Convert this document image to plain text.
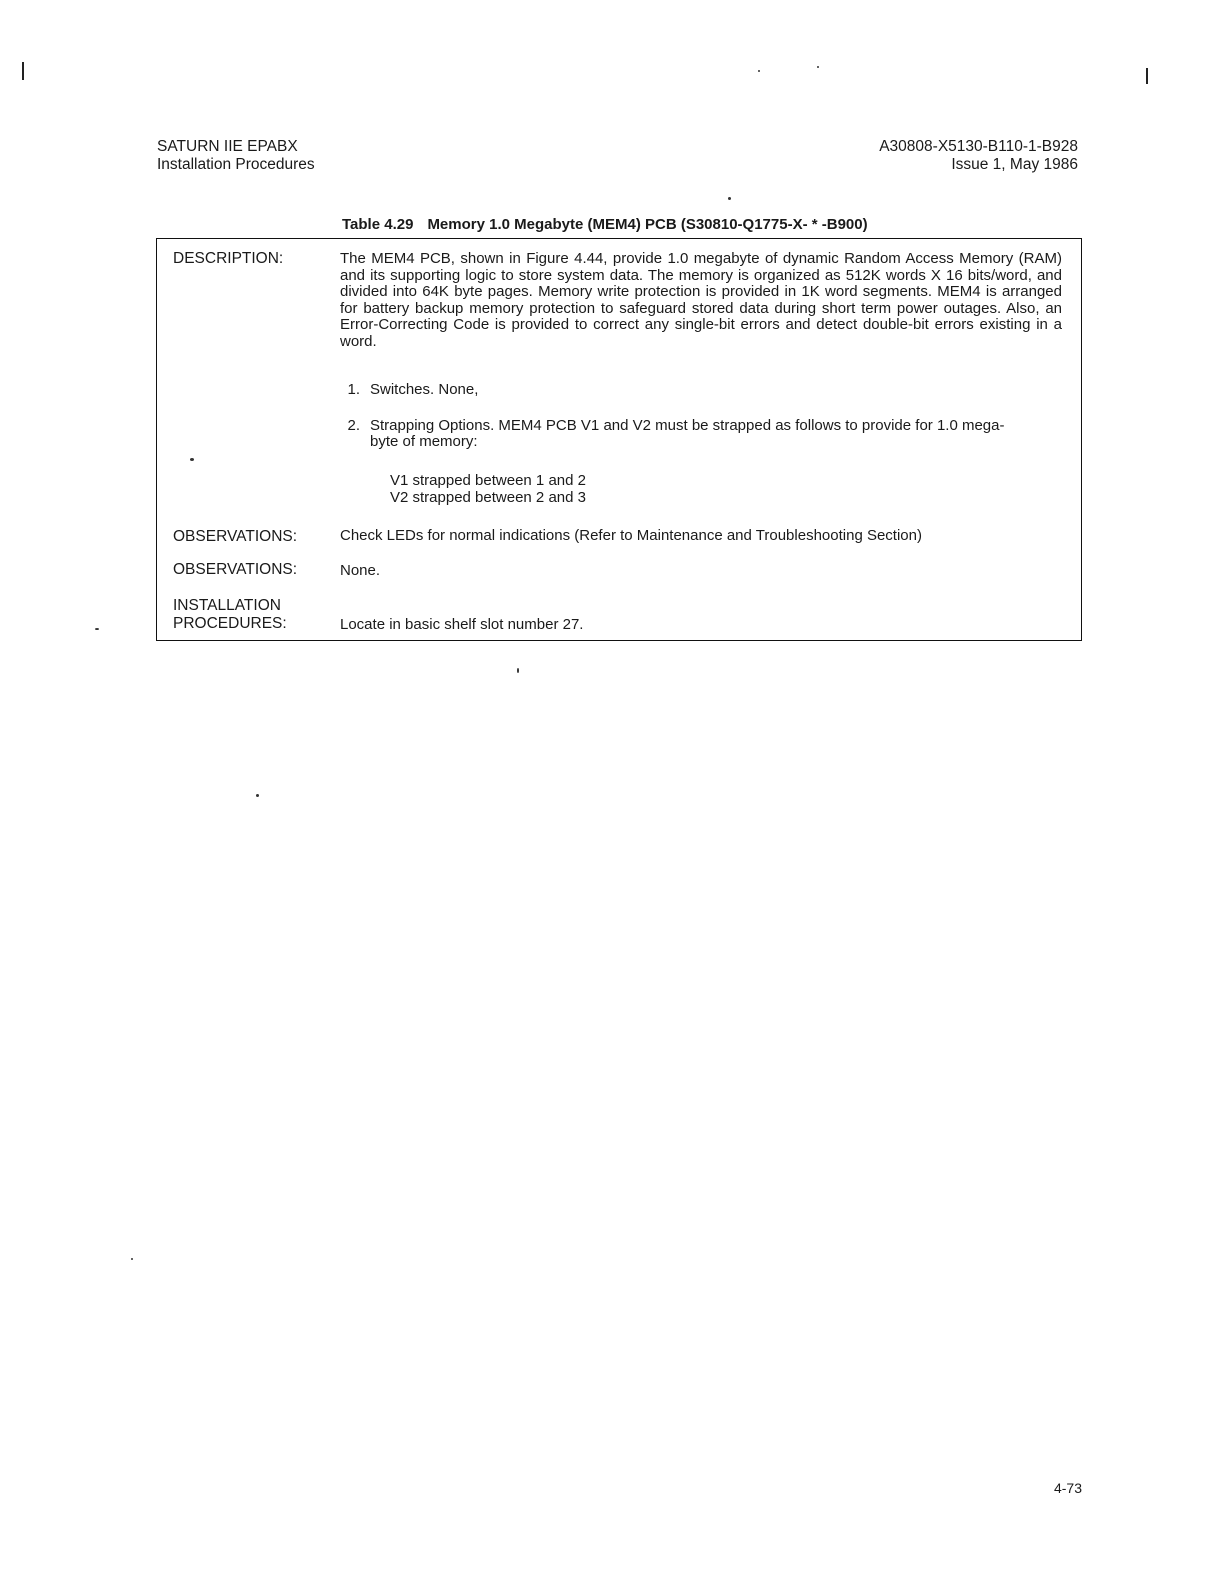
SATURN IIE EPABX
Installation Procedures
A30808-X5130-B110-1-B928
Issue 1, May 1986
Table 4.29 Memory 1.0 Megabyte (MEM4) PCB (S30810-Q1775-X- * -B900)
DESCRIPTION:	The MEM4 PCB, shown in Figure 4.44, provide 1.0 megabyte of dynamic Random Access Memory (RAM) and its supporting logic to store system data. The memory is organized as 512K words X 16 bits/word, and divided into 64K byte pages. Memory write protection is provided in 1K word segments. MEM4 is arranged for battery backup memory protection to safeguard stored data during short term power outages. Also, an Error-Correcting Code is provided to correct any single-bit errors and detect double-bit errors existing in a word.
1. Switches. None,
2. Strapping Options. MEM4 PCB V1 and V2 must be strapped as follows to provide for 1.0 mega-
byte of memory:
V1 strapped between 1 and 2
V2 strapped between 2 and 3
OBSERVATIONS:	Check LEDs for normal indications (Refer to Maintenance and Troubleshooting Section)
OBSERVATIONS:	None.
INSTALLATION
PROCEDURES:	Locate in basic shelf slot number 27.
4-73
